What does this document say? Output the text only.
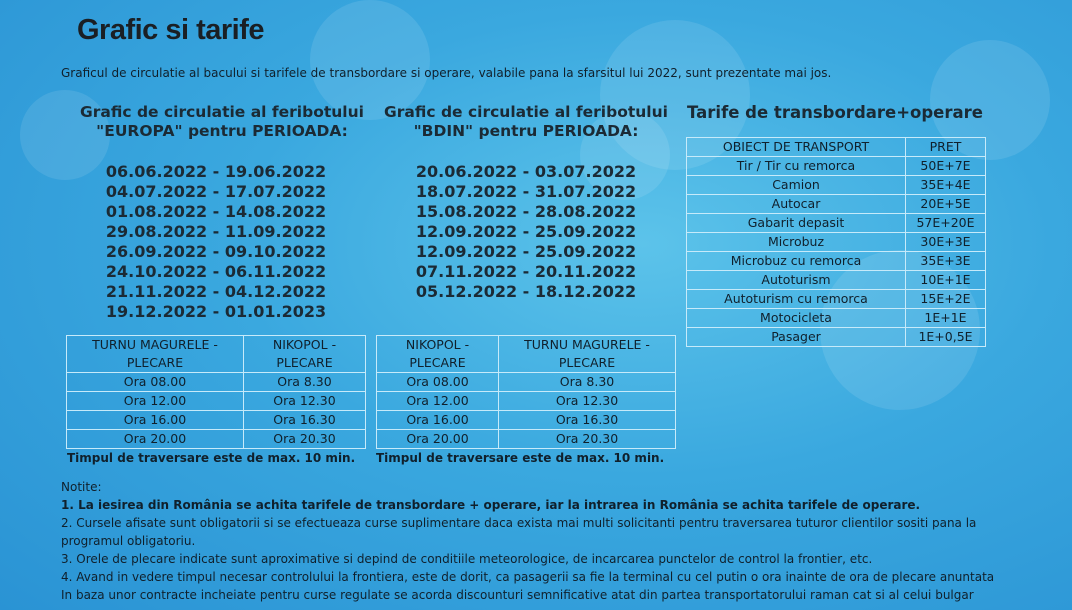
Grafic si tarife
Graficul de circulatie al bacului si tarifele de transbordare si operare, valabile pana la sfarsitul lui 2022, sunt prezentate mai jos.
Grafic de circulatie al feribotului
"EUROPA" pentru PERIOADA:
06.06.2022 - 19.06.2022
04.07.2022 - 17.07.2022
01.08.2022 - 14.08.2022
29.08.2022 - 11.09.2022
26.09.2022 - 09.10.2022
24.10.2022 - 06.11.2022
21.11.2022 - 04.12.2022
19.12.2022 - 01.01.2023
TURNU MAGURELE - PLECARE	NIKOPOL - PLECARE
Ora 08.00	Ora 8.30
Ora 12.00	Ora 12.30
Ora 16.00	Ora 16.30
Ora 20.00	Ora 20.30
Timpul de traversare este de max. 10 min.
Grafic de circulatie al feribotului
"BDIN" pentru PERIOADA:
20.06.2022 - 03.07.2022
18.07.2022 - 31.07.2022
15.08.2022 - 28.08.2022
12.09.2022 - 25.09.2022
12.09.2022 - 25.09.2022
07.11.2022 - 20.11.2022
05.12.2022 - 18.12.2022
NIKOPOL - PLECARE	TURNU MAGURELE - PLECARE
Ora 08.00	Ora 8.30
Ora 12.00	Ora 12.30
Ora 16.00	Ora 16.30
Ora 20.00	Ora 20.30
Timpul de traversare este de max. 10 min.
Tarife de transbordare+operare
OBIECT DE TRANSPORT	PRET
Tir / Tir cu remorca	50E+7E
Camion	35E+4E
Autocar	20E+5E
Gabarit depasit	57E+20E
Microbuz	30E+3E
Microbuz cu remorca	35E+3E
Autoturism	10E+1E
Autoturism cu remorca	15E+2E
Motocicleta	1E+1E
Pasager	1E+0,5E

Notite:

1. La iesirea din România se achita tarifele de transbordare + operare, iar la intrarea in România se achita tarifele de operare.

2. Cursele afisate sunt obligatorii si se efectueaza curse suplimentare daca exista mai multi solicitanti pentru traversarea tuturor clientilor sositi pana la programul obligatoriu.

3. Orele de plecare indicate sunt aproximative si depind de conditiile meteorologice, de incarcarea punctelor de control la frontier, etc.

4. Avand in vedere timpul necesar controlului la frontiera, este de dorit, ca pasagerii sa fie la terminal cu cel putin o ora inainte de ora de plecare anuntata

In baza unor contracte incheiate pentru curse regulate se acorda discounturi semnificative atat din partea transportatorului raman cat si al celui bulgar
